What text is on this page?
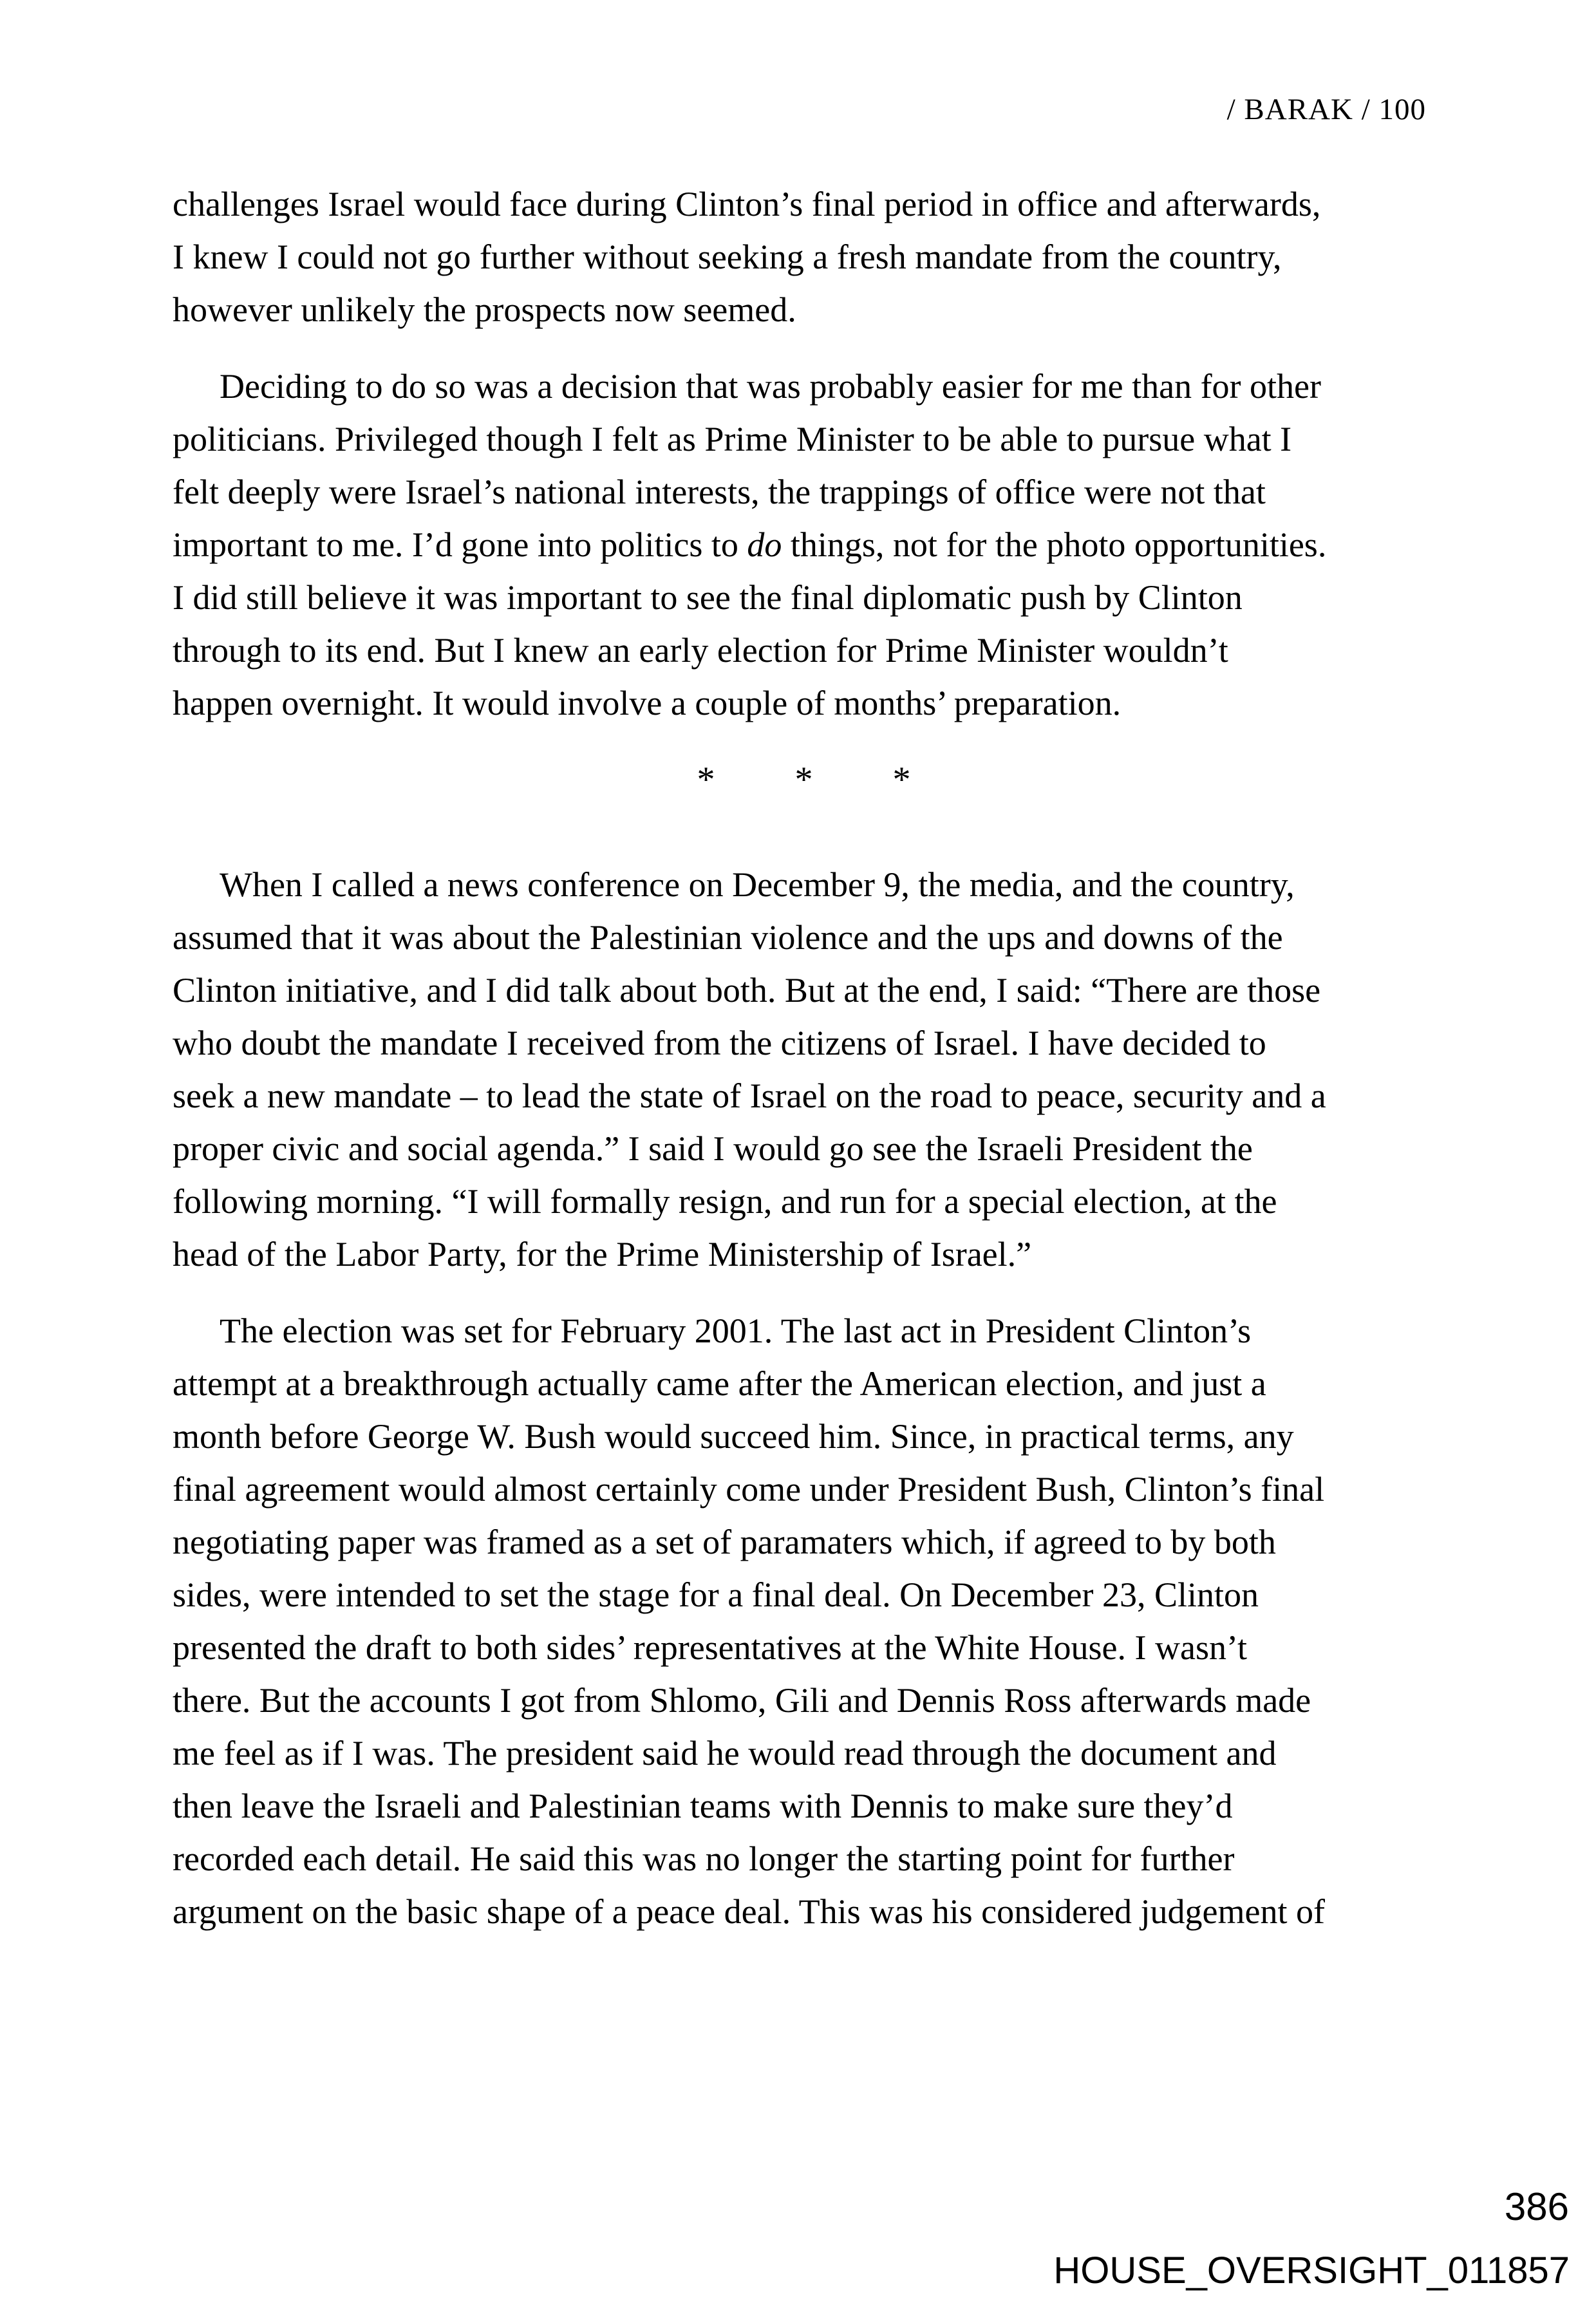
/ BARAK / 100
challenges Israel would face during Clinton’s final period in office and afterwards,
I knew I could not go further without seeking a fresh mandate from the country,
however unlikely the prospects now seemed.
Deciding to do so was a decision that was probably easier for me than for other
politicians. Privileged though I felt as Prime Minister to be able to pursue what I
felt deeply were Israel’s national interests, the trappings of office were not that
important to me. I’d gone into politics to do things, not for the photo opportunities.
I did still believe it was important to see the final diplomatic push by Clinton
through to its end. But I knew an early election for Prime Minister wouldn’t
happen overnight. It would involve a couple of months’ preparation.
* * *
When I called a news conference on December 9, the media, and the country,
assumed that it was about the Palestinian violence and the ups and downs of the
Clinton initiative, and I did talk about both. But at the end, I said: “There are those
who doubt the mandate I received from the citizens of Israel. I have decided to
seek a new mandate – to lead the state of Israel on the road to peace, security and a
proper civic and social agenda.” I said I would go see the Israeli President the
following morning. “I will formally resign, and run for a special election, at the
head of the Labor Party, for the Prime Ministership of Israel.”
The election was set for February 2001. The last act in President Clinton’s
attempt at a breakthrough actually came after the American election, and just a
month before George W. Bush would succeed him. Since, in practical terms, any
final agreement would almost certainly come under President Bush, Clinton’s final
negotiating paper was framed as a set of paramaters which, if agreed to by both
sides, were intended to set the stage for a final deal. On December 23, Clinton
presented the draft to both sides’ representatives at the White House. I wasn’t
there. But the accounts I got from Shlomo, Gili and Dennis Ross afterwards made
me feel as if I was. The president said he would read through the document and
then leave the Israeli and Palestinian teams with Dennis to make sure they’d
recorded each detail. He said this was no longer the starting point for further
argument on the basic shape of a peace deal. This was his considered judgement of
386
HOUSE_OVERSIGHT_011857
